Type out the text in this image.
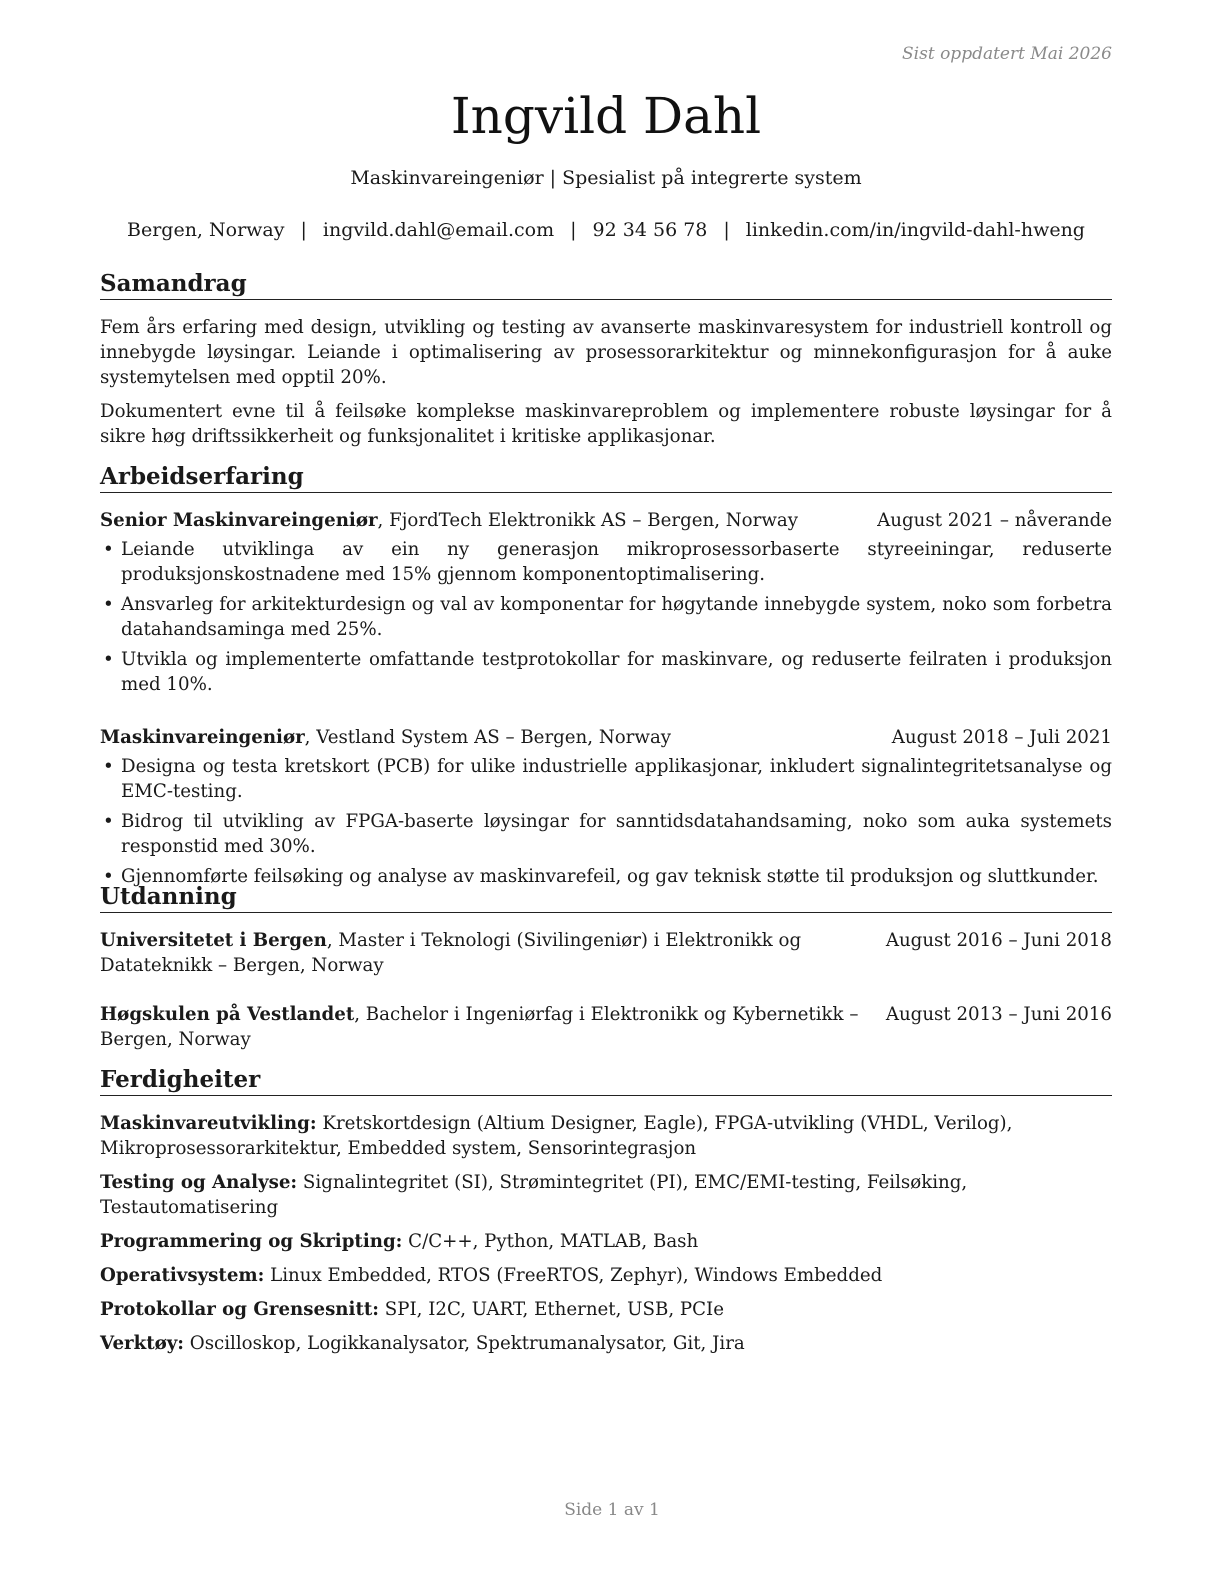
Sist oppdatert Mai 2026
Ingvild Dahl
Maskinvareingeniør | Spesialist på integrerte system
Bergen, Norway | ingvild.dahl@email.com | 92 34 56 78 | linkedin.com/in/ingvild-dahl-hweng
Samandrag

Fem års erfaring med design, utvikling og testing av avanserte maskinvaresystem for industriell kontroll og innebygde løysingar. Leiande i optimalisering av prosessorarkitektur og minnekonfigurasjon for å auke systemytelsen med opptil 20%.

Dokumentert evne til å feilsøke komplekse maskinvareproblem og implementere robuste løysingar for å sikre høg driftssikkerheit og funksjonalitet i kritiske applikasjonar.

Arbeidserfaring
Senior Maskinvareingeniør, FjordTech Elektronikk AS – Bergen, Norway	August 2021 – nåverande
• Leiande utviklinga av ein ny generasjon mikroprosessorbaserte styreeiningar, reduserte produksjonskostnadene med 15% gjennom komponentoptimalisering.
• Ansvarleg for arkitekturdesign og val av komponentar for høgytande innebygde system, noko som forbetra datahandsaminga med 25%.
• Utvikla og implementerte omfattande testprotokollar for maskinvare, og reduserte feilraten i produksjon med 10%.
Maskinvareingeniør, Vestland System AS – Bergen, Norway	August 2018 – Juli 2021
• Designa og testa kretskort (PCB) for ulike industrielle applikasjonar, inkludert signalintegritetsanalyse og EMC-testing.
• Bidrog til utvikling av FPGA-baserte løysingar for sanntidsdatahandsaming, noko som auka systemets responstid med 30%.
• Gjennomførte feilsøking og analyse av maskinvarefeil, og gav teknisk støtte til produksjon og sluttkunder.
Utdanning
Universitetet i Bergen, Master i Teknologi (Sivilingeniør) i Elektronikk og Datateknikk – Bergen, Norway
August 2016 – Juni 2018
Høgskulen på Vestlandet, Bachelor i Ingeniørfag i Elektronikk og Kybernetikk – Bergen, Norway
August 2013 – Juni 2016
Ferdigheiter
Maskinvareutvikling: Kretskortdesign (Altium Designer, Eagle), FPGA-utvikling (VHDL, Verilog), Mikroprosessorarkitektur, Embedded system, Sensorintegrasjon
Testing og Analyse: Signalintegritet (SI), Strømintegritet (PI), EMC/EMI-testing, Feilsøking, Testautomatisering
Programmering og Skripting: C/C++, Python, MATLAB, Bash
Operativsystem: Linux Embedded, RTOS (FreeRTOS, Zephyr), Windows Embedded
Protokollar og Grensesnitt: SPI, I2C, UART, Ethernet, USB, PCIe
Verktøy: Oscilloskop, Logikkanalysator, Spektrumanalysator, Git, Jira
Side 1 av 1
